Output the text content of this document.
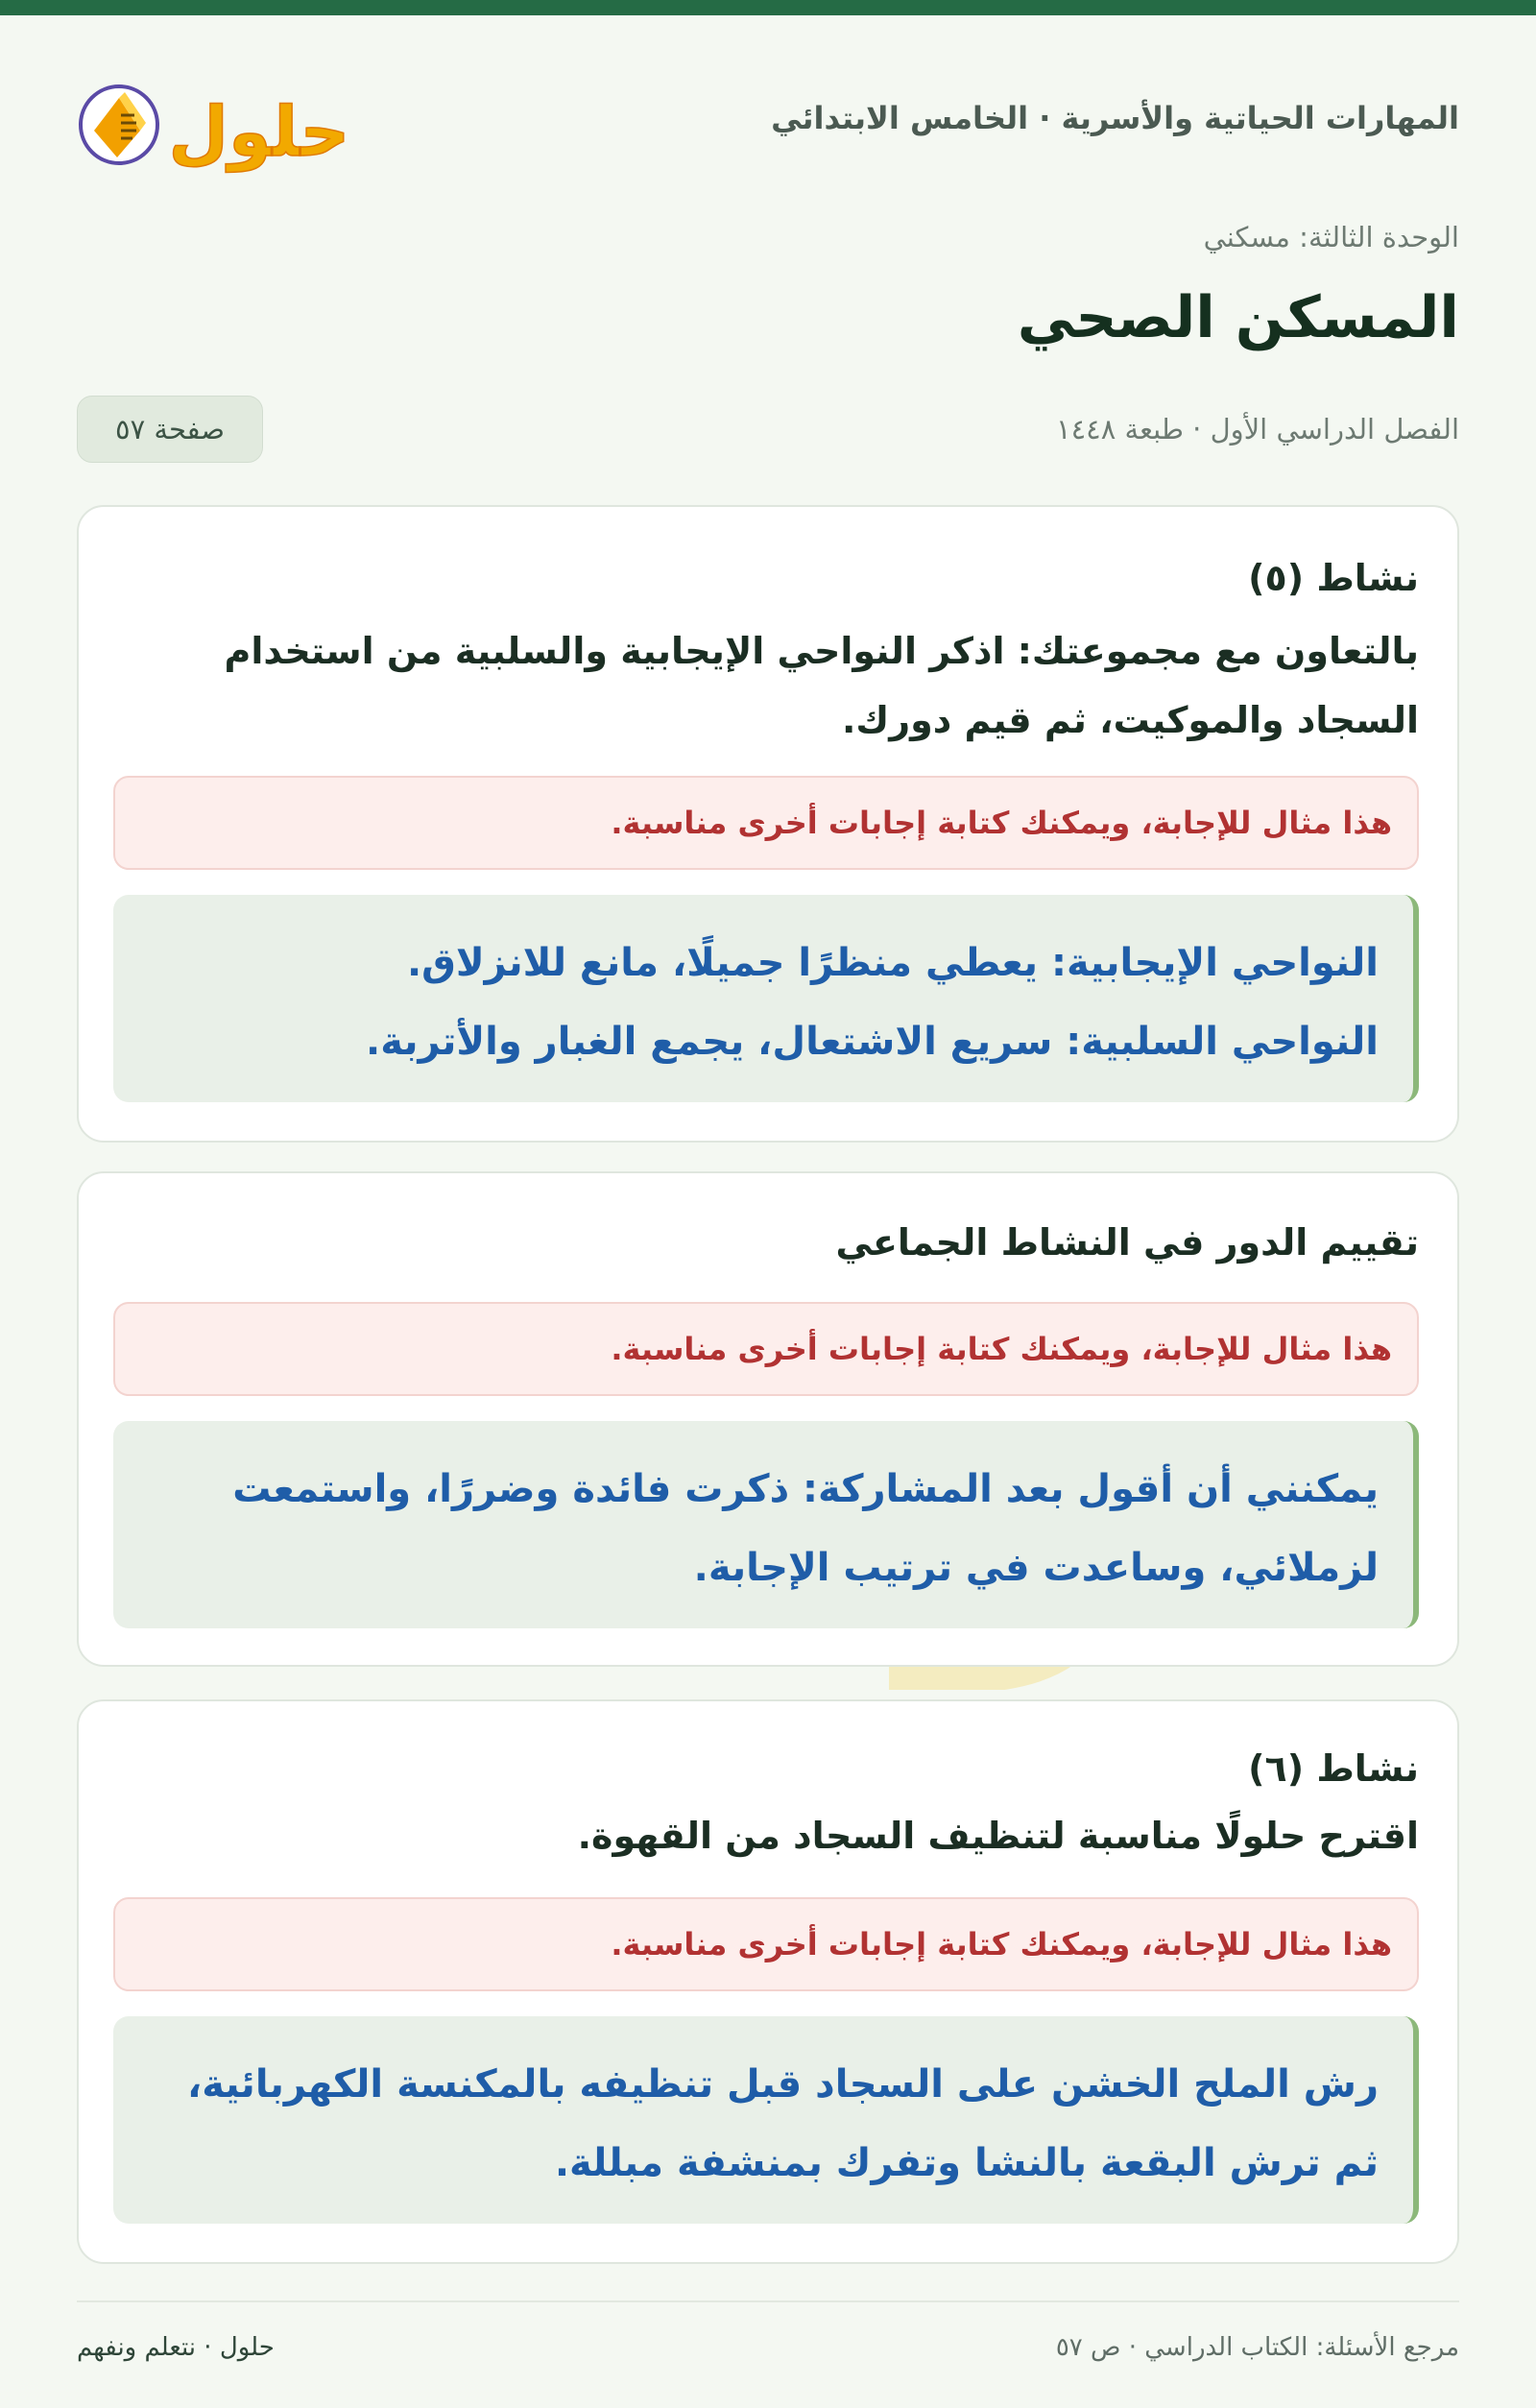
المهارات الحياتية والأسرية · الخامس الابتدائي
حلول
الوحدة الثالثة: مسكني
المسكن الصحي
الفصل الدراسي الأول · طبعة ١٤٤٨
صفحة ٥٧
نشاط (٥)
بالتعاون مع مجموعتك: اذكر النواحي الإيجابية والسلبية من استخدام السجاد والموكيت، ثم قيم دورك.
هذا مثال للإجابة، ويمكنك كتابة إجابات أخرى مناسبة.
النواحي الإيجابية: يعطي منظرًا جميلًا، مانع للانزلاق.
النواحي السلبية: سريع الاشتعال، يجمع الغبار والأتربة.
تقييم الدور في النشاط الجماعي
هذا مثال للإجابة، ويمكنك كتابة إجابات أخرى مناسبة.
يمكنني أن أقول بعد المشاركة: ذكرت فائدة وضررًا، واستمعت
لزملائي، وساعدت في ترتيب الإجابة.
نشاط (٦)
اقترح حلولًا مناسبة لتنظيف السجاد من القهوة.
هذا مثال للإجابة، ويمكنك كتابة إجابات أخرى مناسبة.
رش الملح الخشن على السجاد قبل تنظيفه بالمكنسة الكهربائية،
ثم ترش البقعة بالنشا وتفرك بمنشفة مبللة.
مرجع الأسئلة: الكتاب الدراسي · ص ٥٧
حلول · نتعلم ونفهم
